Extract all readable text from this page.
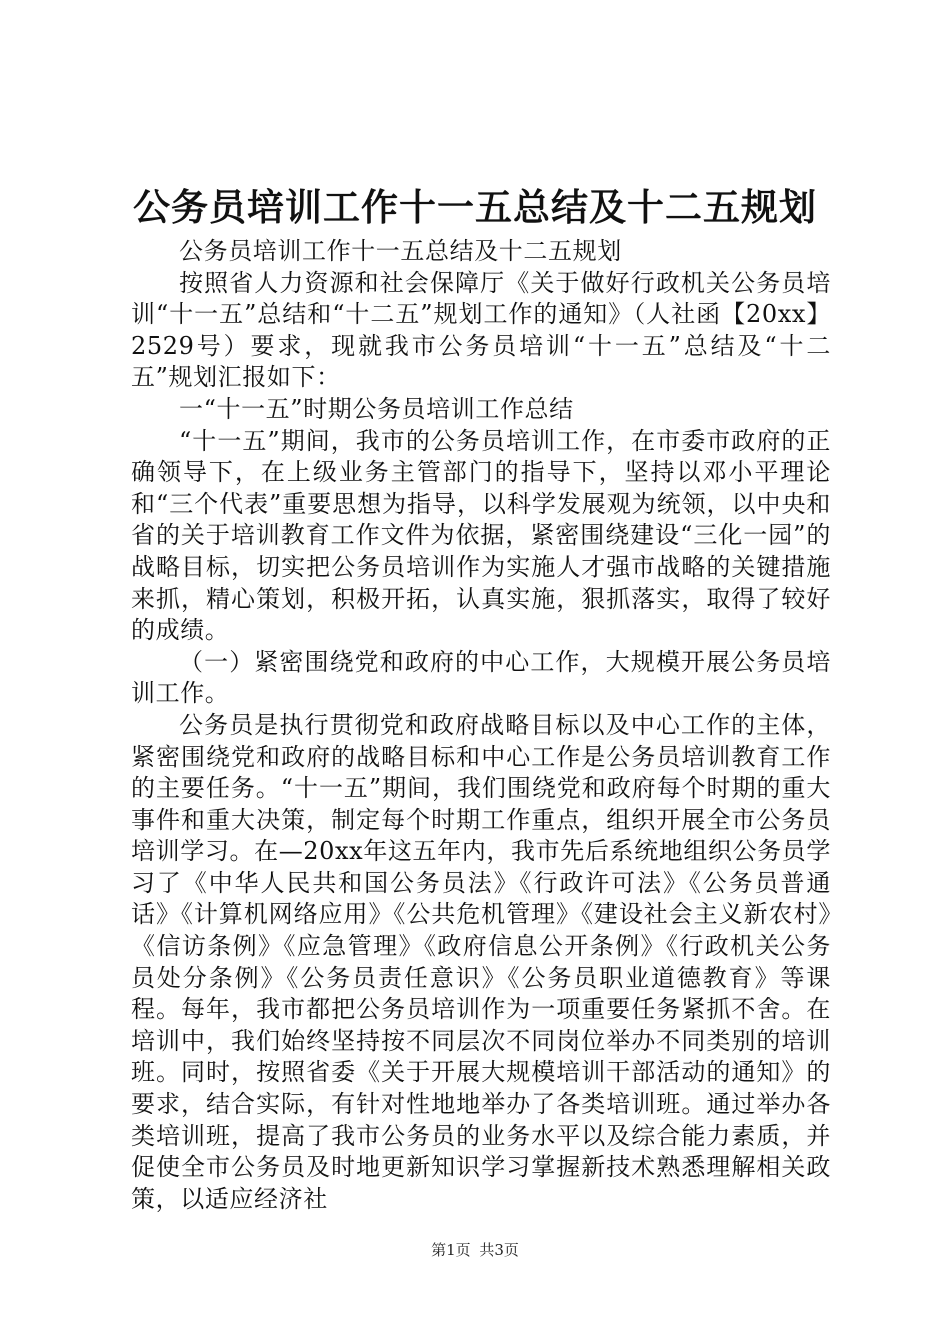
公务员培训工作十一五总结及十二五规划

公务员培训工作十一五总结及十二五规划

按照省人力资源和社会保障厅《关于做好行政机关公务员培训“十一五”总结和“十二五”规划工作的通知》（人社函【20xx】2529号）要求，现就我市公务员培训“十一五”总结及“十二五”规划汇报如下：

一“十一五”时期公务员培训工作总结

“十一五”期间，我市的公务员培训工作，在市委市政府的正确领导下，在上级业务主管部门的指导下，坚持以邓小平理论和“三个代表”重要思想为指导，以科学发展观为统领，以中央和省的关于培训教育工作文件为依据，紧密围绕建设“三化一园”的战略目标，切实把公务员培训作为实施人才强市战略的关键措施来抓，精心策划，积极开拓，认真实施，狠抓落实，取得了较好的成绩。

（一）紧密围绕党和政府的中心工作，大规模开展公务员培训工作。

公务员是执行贯彻党和政府战略目标以及中心工作的主体，紧密围绕党和政府的战略目标和中心工作是公务员培训教育工作的主要任务。“十一五”期间，我们围绕党和政府每个时期的重大事件和重大决策，制定每个时期工作重点，组织开展全市公务员培训学习。在—20xx年这五年内，我市先后系统地组织公务员学习了《中华人民共和国公务员法》《行政许可法》《公务员普通话》《计算机网络应用》《公共危机管理》《建设社会主义新农村》《信访条例》《应急管理》《政府信息公开条例》《行政机关公务员处分条例》《公务员责任意识》《公务员职业道德教育》等课程。每年，我市都把公务员培训作为一项重要任务紧抓不舍。在培训中，我们始终坚持按不同层次不同岗位举办不同类别的培训班。同时，按照省委《关于开展大规模培训干部活动的通知》的要求，结合实际，有针对性地地举办了各类培训班。通过举办各类培训班，提高了我市公务员的业务水平以及综合能力素质，并促使全市公务员及时地更新知识学习掌握新技术熟悉理解相关政策，以适应经济社

第1页 共3页
